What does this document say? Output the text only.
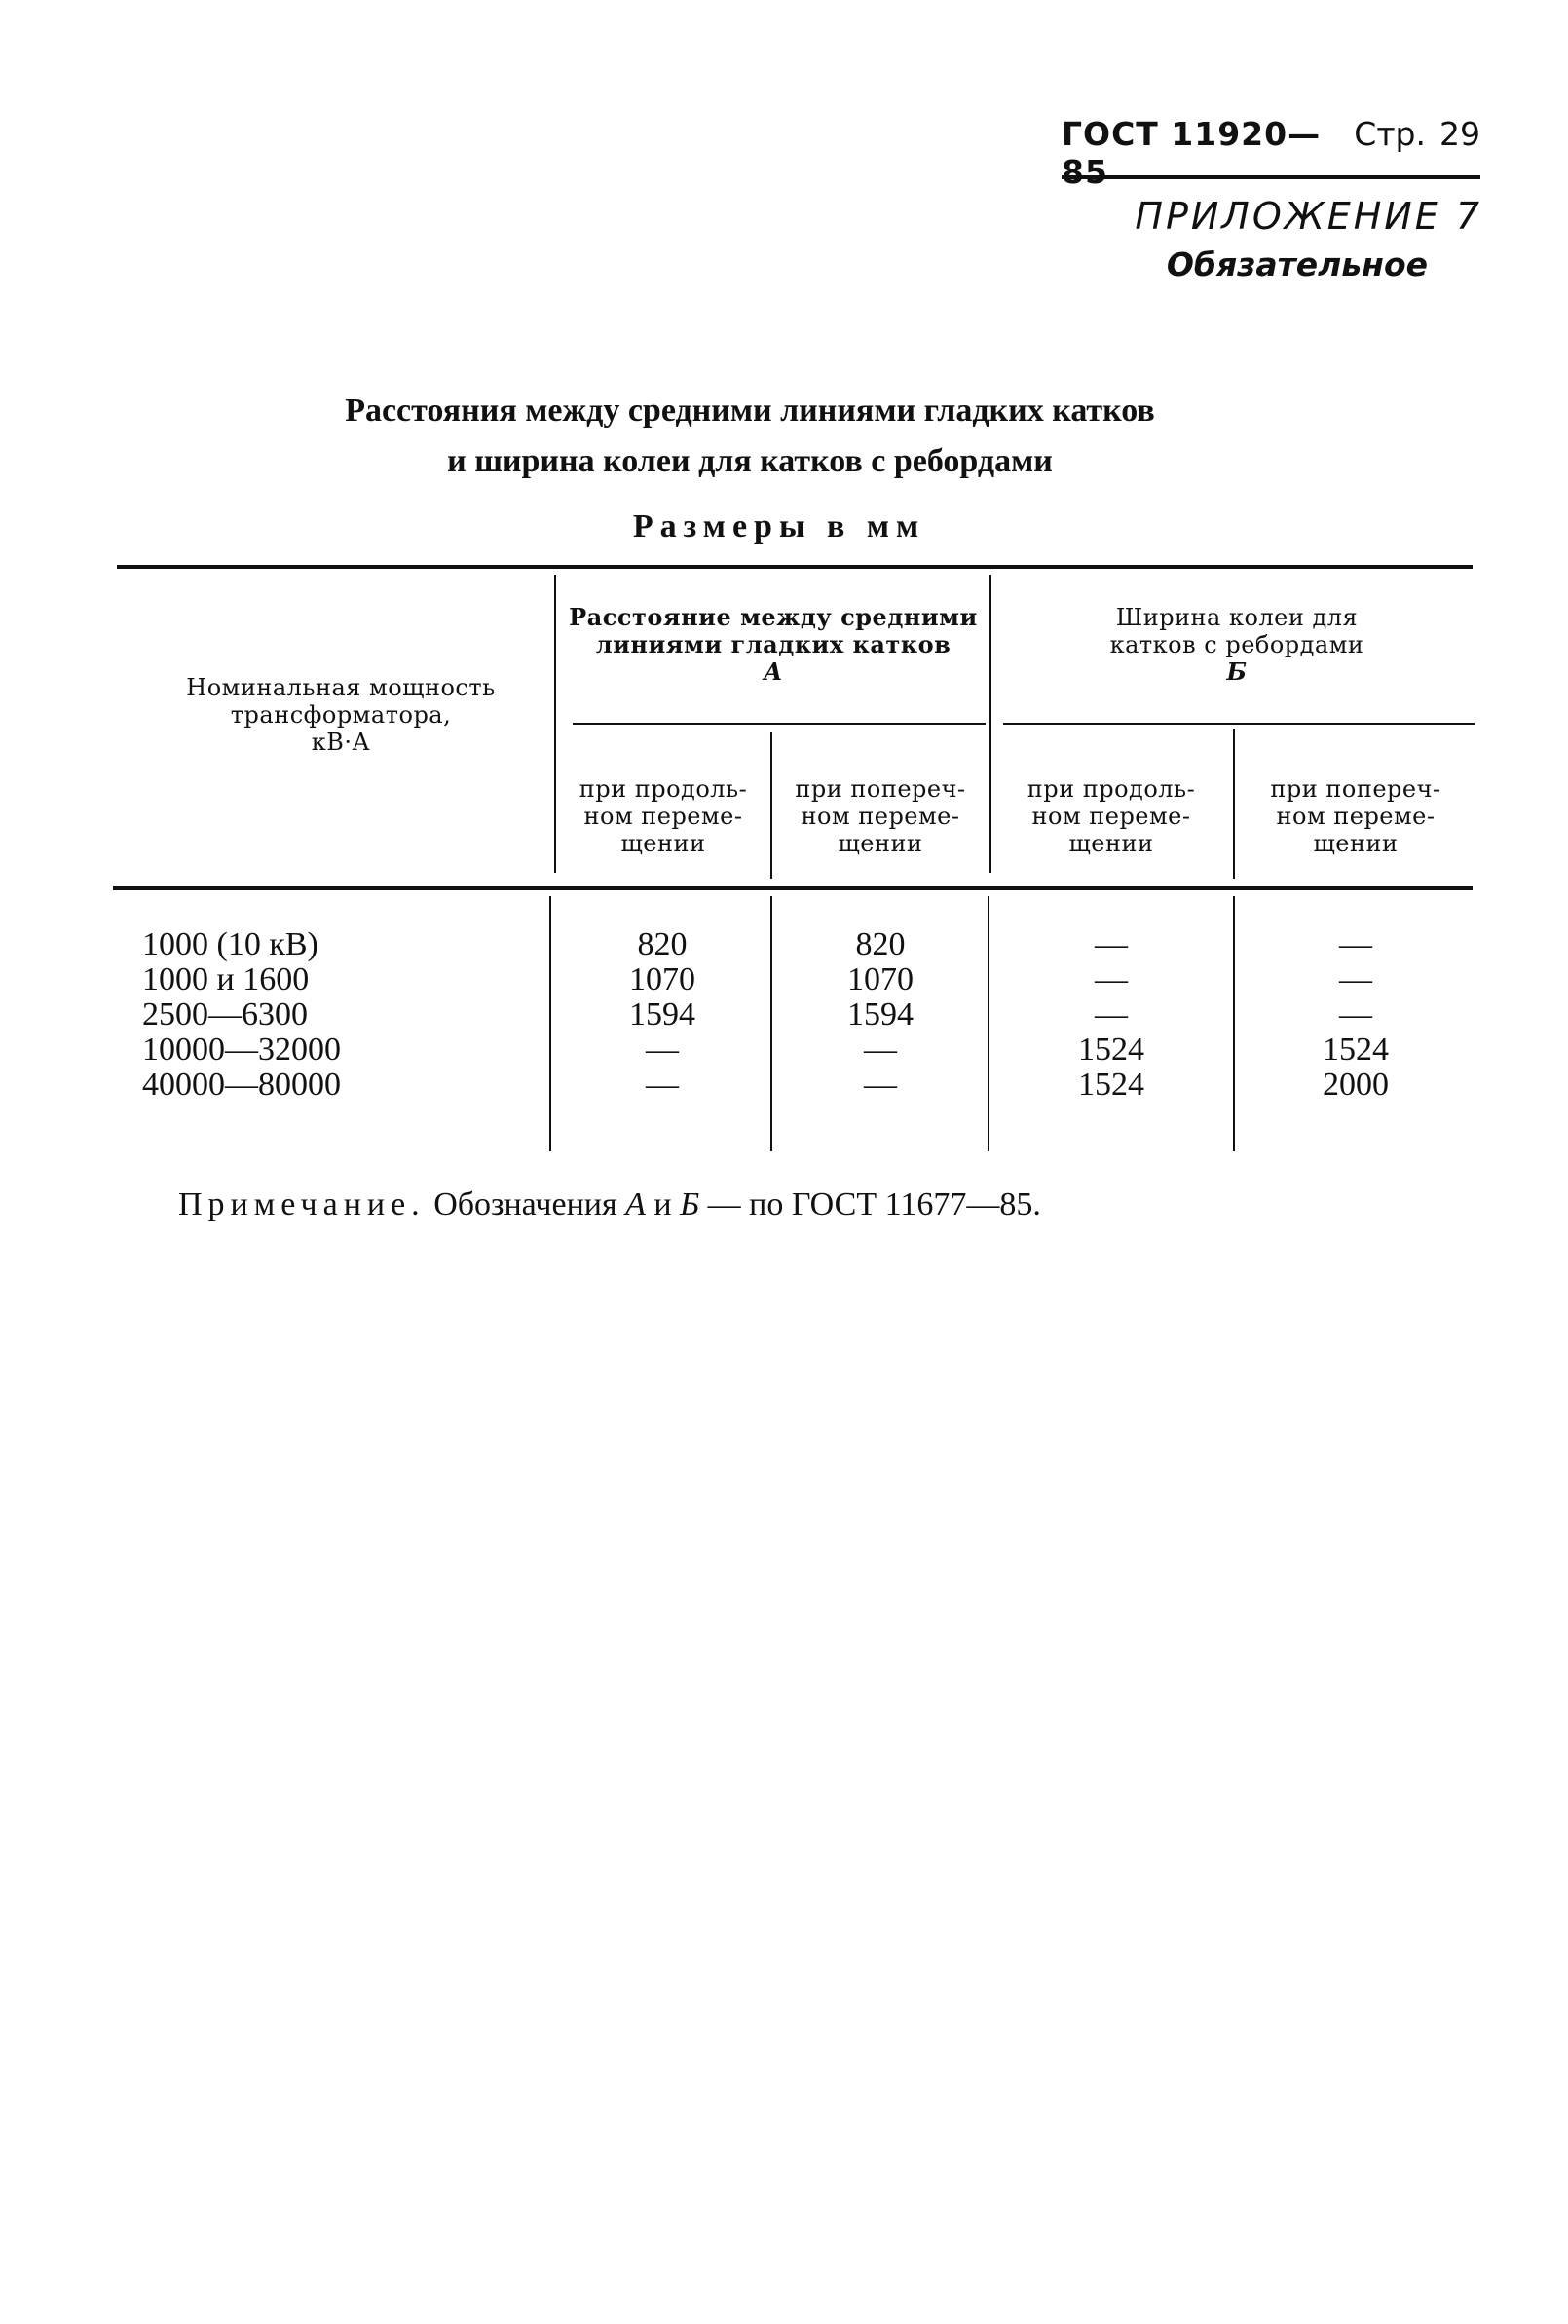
ГОСТ 11920—85
Стр. 29
ПРИЛОЖЕНИЕ 7
Обязательное
Расстояния между средними линиями гладких катков
и ширина колеи для катков с ребордами
Размеры в мм
Номинальная мощность
трансформатора,
кВ·А
Расстояние между средними
линиями гладких катков
А
Ширина колеи для
катков с ребордами
Б
при продоль-
ном переме-
щении
при попереч-
ном переме-
щении
при продоль-
ном переме-
щении
при попереч-
ном переме-
щении
1000 (10 кВ)
1000 и 1600
2500—6300
10000—32000
40000—80000
820
1070
1594
—
—
820
1070
1594
—
—
—
—
—
1524
1524
—
—
—
1524
2000
Примечание. Обозначения А и Б — по ГОСТ 11677—85.
